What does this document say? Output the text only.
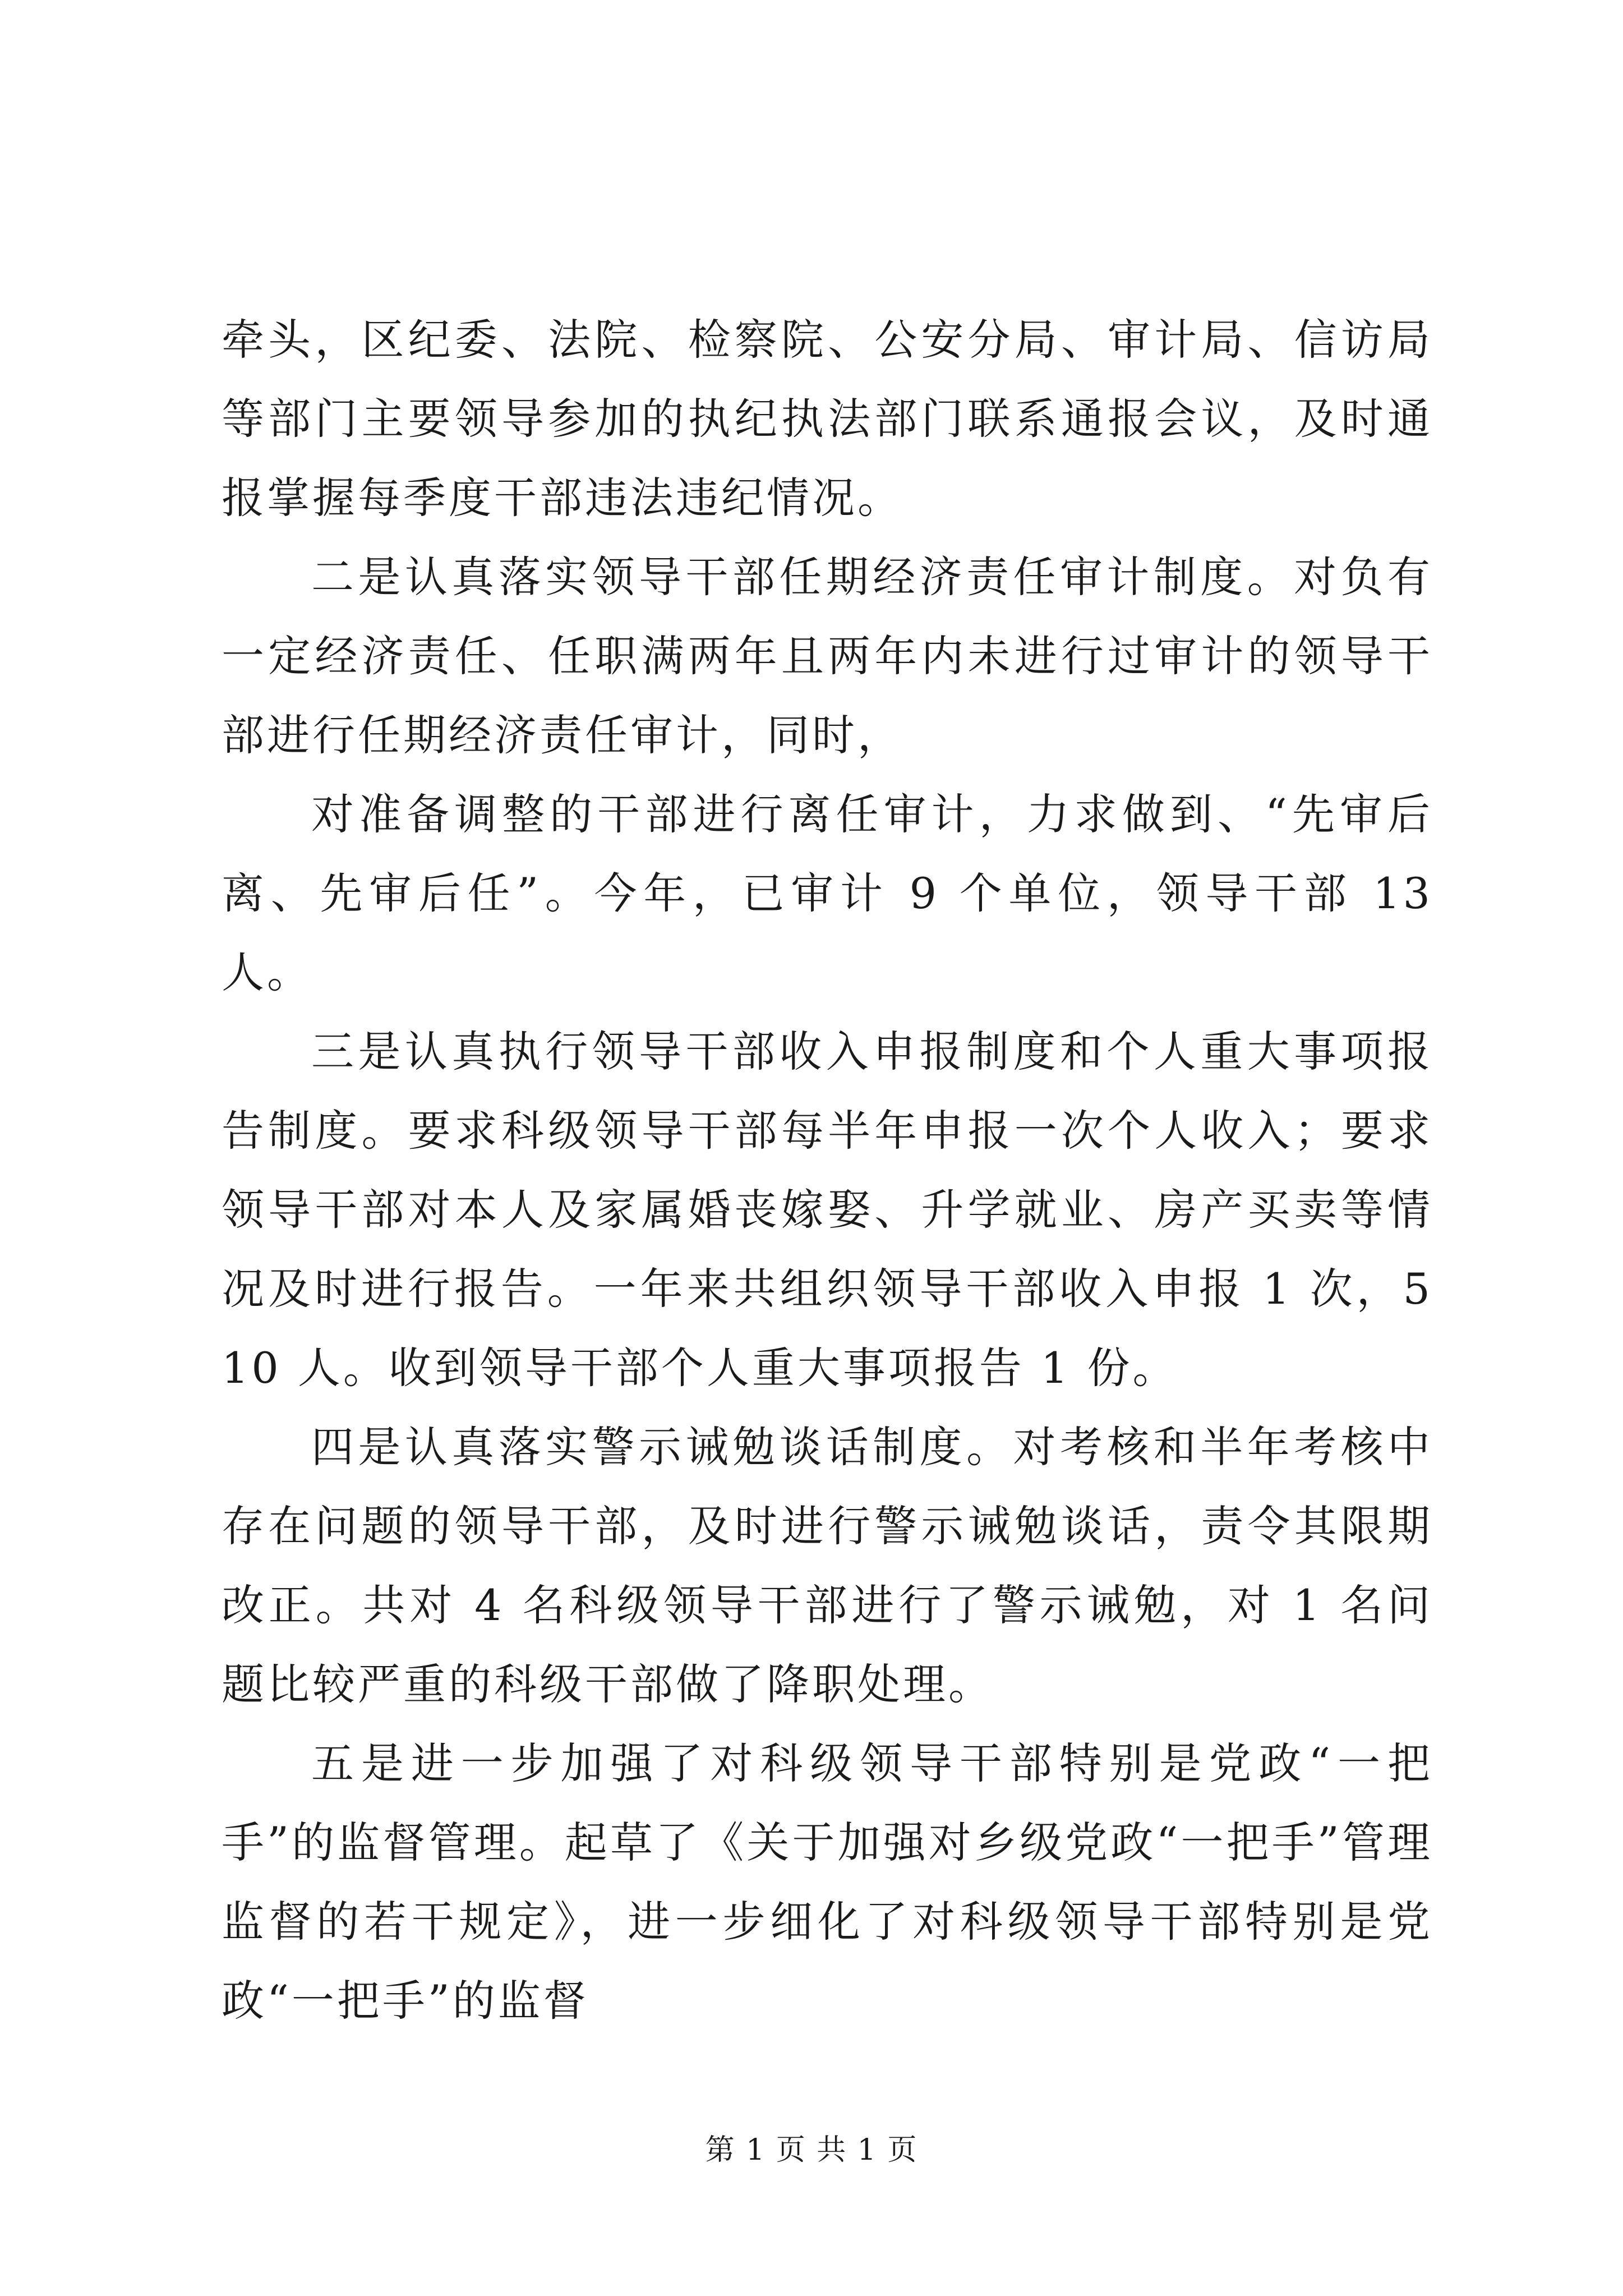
牵头，区纪委、法院、检察院、公安分局、审计局、信访局等部门主要领导参加的执纪执法部门联系通报会议，及时通报掌握每季度干部违法违纪情况。

二是认真落实领导干部任期经济责任审计制度。对负有一定经济责任、任职满两年且两年内未进行过审计的领导干部进行任期经济责任审计，同时，

对准备调整的干部进行离任审计，力求做到、“先审后离、先审后任”。今年，已审计 9 个单位，领导干部 13 人。

三是认真执行领导干部收入申报制度和个人重大事项报告制度。要求科级领导干部每半年申报一次个人收入；要求领导干部对本人及家属婚丧嫁娶、升学就业、房产买卖等情况及时进行报告。一年来共组织领导干部收入申报 1 次，510 人。收到领导干部个人重大事项报告 1 份。

四是认真落实警示诫勉谈话制度。对考核和半年考核中存在问题的领导干部，及时进行警示诫勉谈话，责令其限期改正。共对 4 名科级领导干部进行了警示诫勉，对 1 名问题比较严重的科级干部做了降职处理。

五是进一步加强了对科级领导干部特别是党政“一把手”的监督管理。起草了《关于加强对乡级党政“一把手”管理监督的若干规定》，进一步细化了对科级领导干部特别是党政“一把手”的监督

第 1 页 共 1 页
